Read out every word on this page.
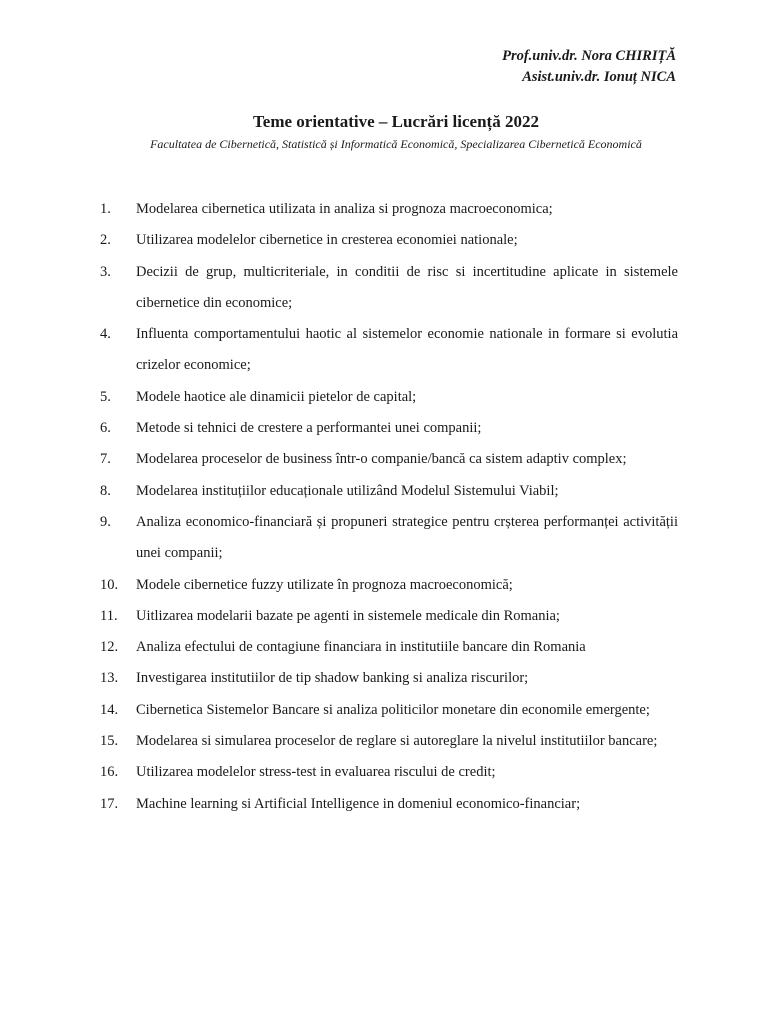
Prof.univ.dr. Nora CHIRIȚĂ
Asist.univ.dr. Ionuț NICA
Teme orientative – Lucrări licență 2022
Facultatea de Cibernetică, Statistică și Informatică Economică, Specializarea Cibernetică Economică
1.	Modelarea cibernetica utilizata in analiza si prognoza macroeconomica;
2.	Utilizarea modelelor cibernetice in cresterea economiei nationale;
3.	Decizii de grup, multicriteriale, in conditii de risc si incertitudine aplicate in sistemele cibernetice din economice;
4.	Influenta comportamentului haotic al sistemelor economie nationale in formare si evolutia crizelor economice;
5.	Modele haotice ale dinamicii pietelor de capital;
6.	Metode si tehnici de crestere a performantei unei companii;
7.	Modelarea proceselor de business într-o companie/bancă ca sistem adaptiv complex;
8.	Modelarea instituțiilor educaționale utilizând Modelul Sistemului Viabil;
9.	Analiza economico-financiară și propuneri strategice pentru crșterea performanței activității unei companii;
10.	Modele cibernetice fuzzy utilizate în prognoza macroeconomică;
11.	Uitlizarea modelarii bazate pe agenti in sistemele medicale din Romania;
12.	Analiza efectului de contagiune financiara in institutiile bancare din Romania
13.	Investigarea institutiilor de tip shadow banking si analiza riscurilor;
14.	Cibernetica Sistemelor Bancare si analiza politicilor monetare din economile emergente;
15.	Modelarea si simularea proceselor de reglare si autoreglare la nivelul institutiilor bancare;
16.	Utilizarea modelelor stress-test in evaluarea riscului de credit;
17.	Machine learning si Artificial Intelligence in domeniul economico-financiar;
